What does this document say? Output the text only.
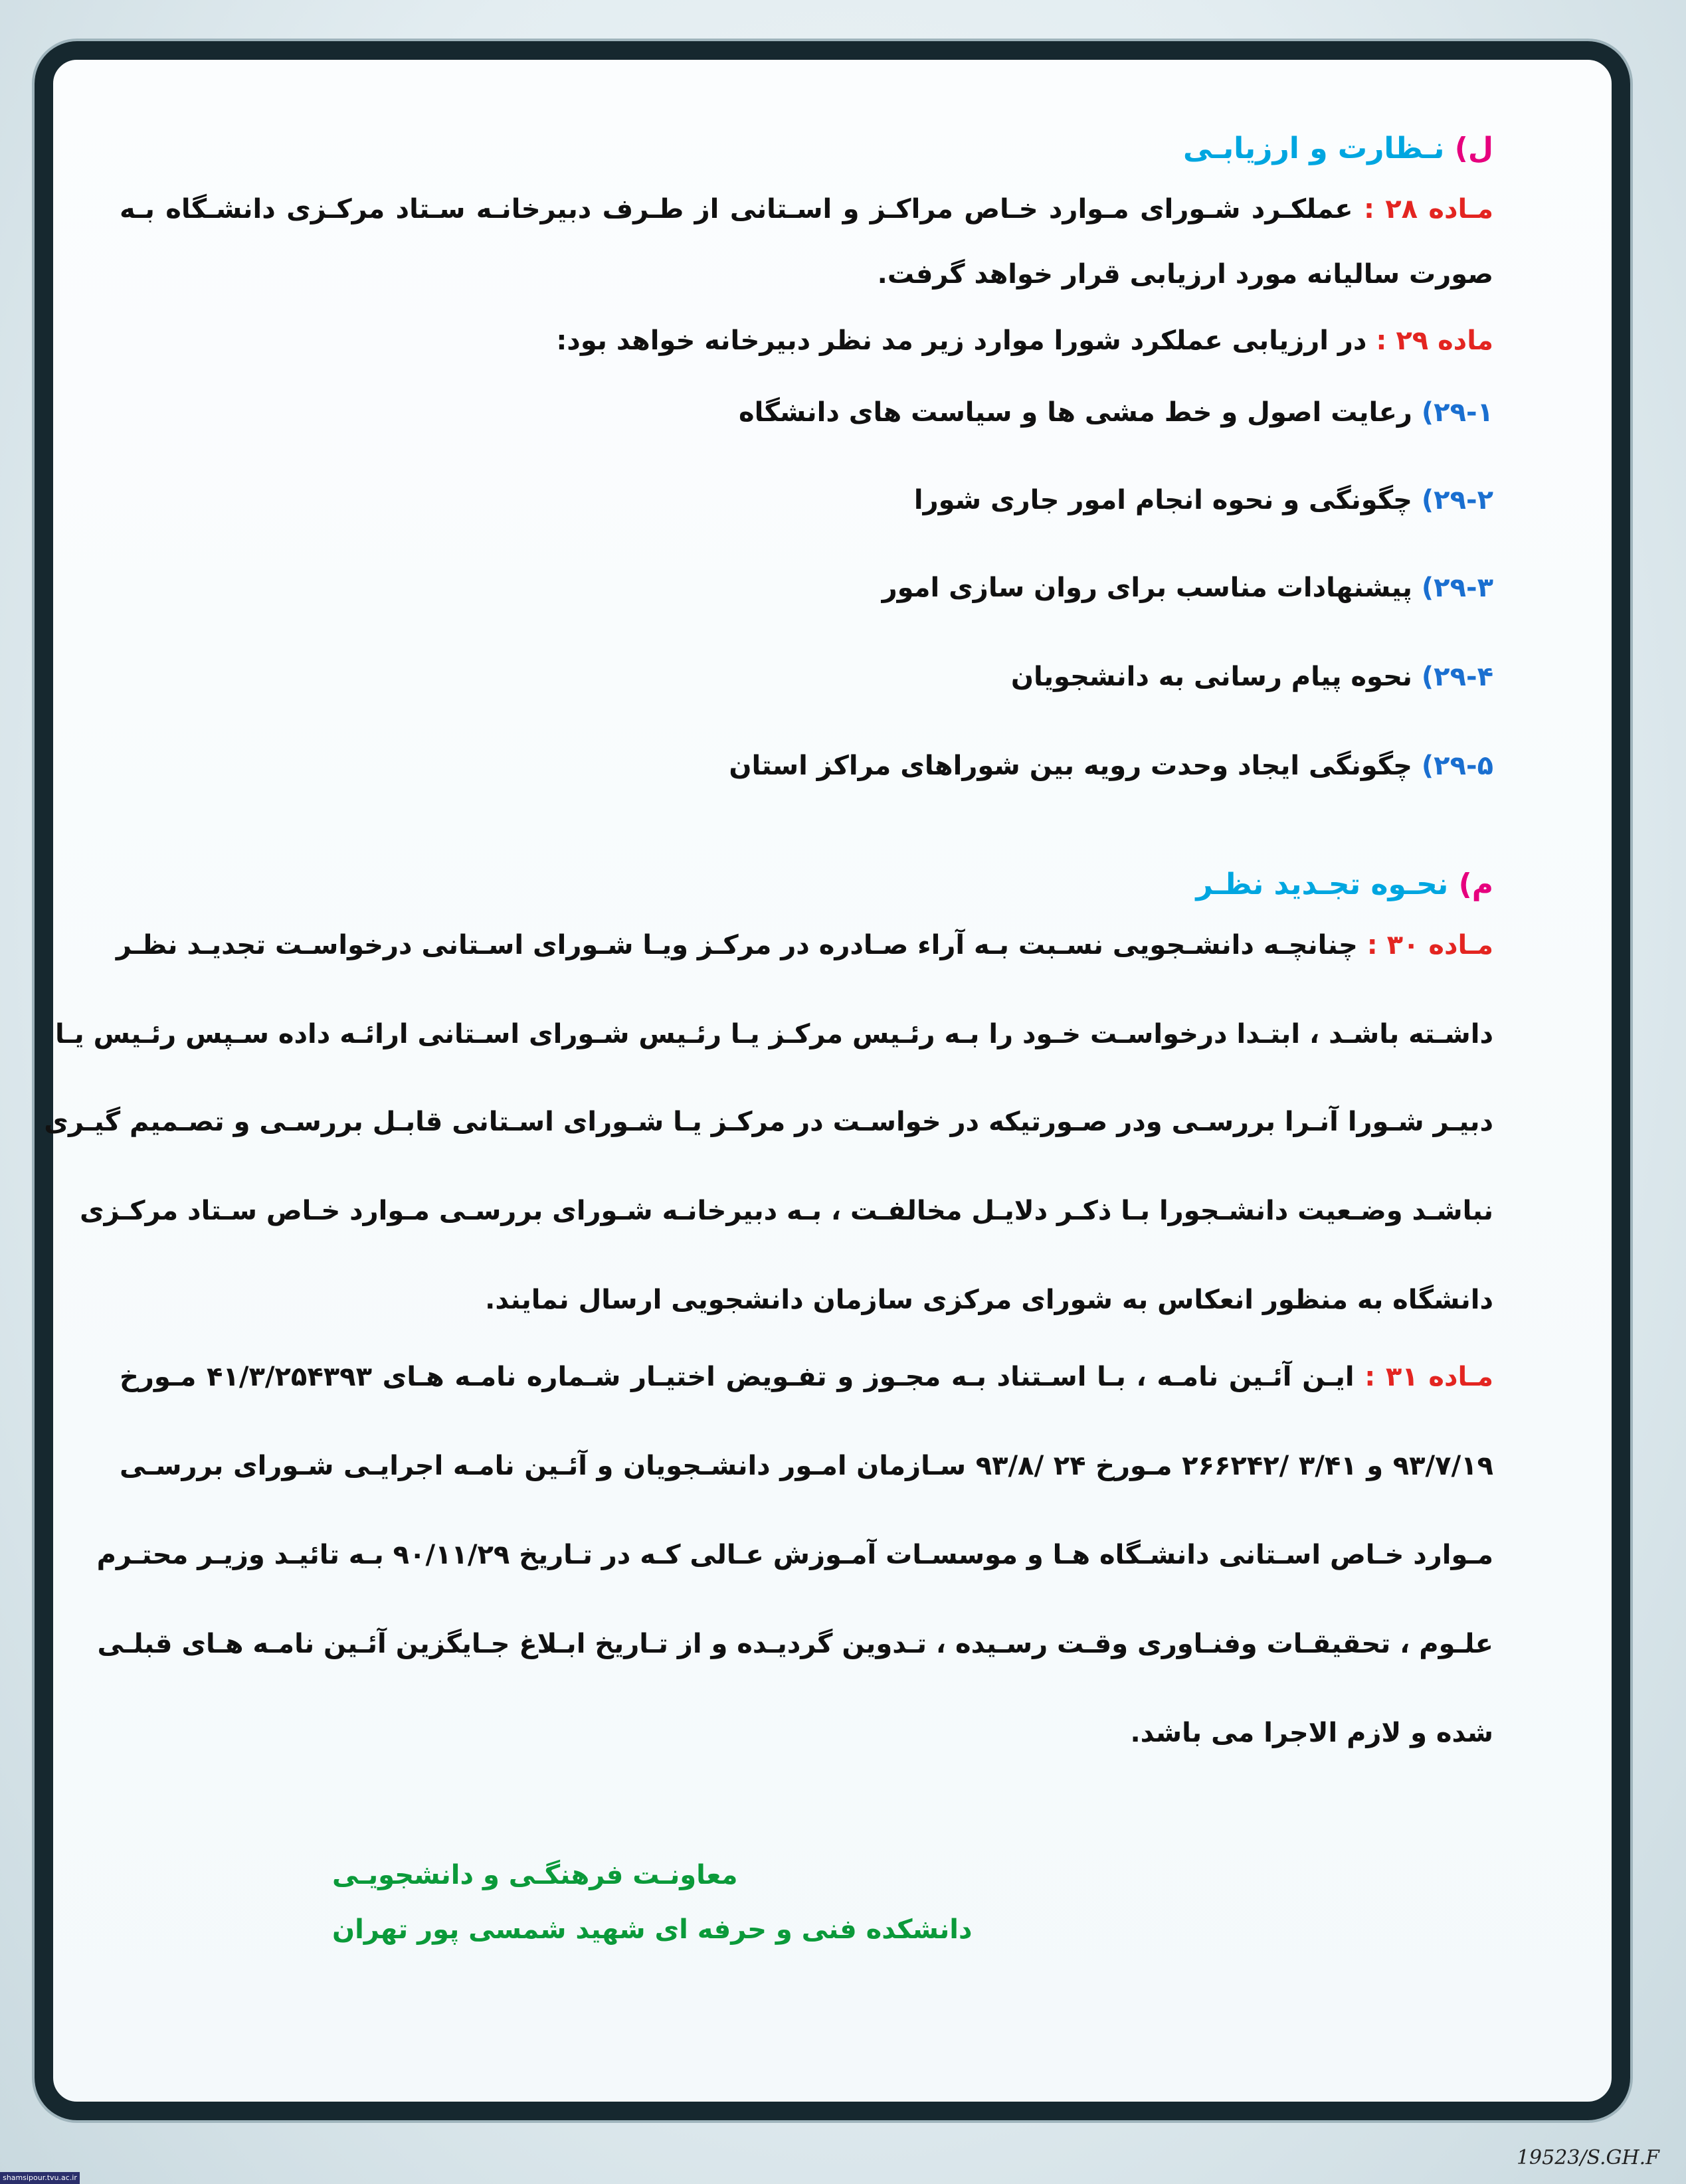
ل) نـظارت و ارزیابـی
مـاده ۲۸ : عملکـرد شـورای مـوارد خـاص مراکـز و اسـتانی از طـرف دبیرخانـه سـتاد مرکـزی دانشـگاه بـه
صورت سالیانه مورد ارزیابی قرار خواهد گرفت.
ماده ۲۹ : در ارزیابی عملکرد شورا موارد زیر مد نظر دبیرخانه خواهد بود:
۲۹-۱) رعایت اصول و خط مشی ها و سیاست های دانشگاه
۲۹-۲) چگونگی و نحوه انجام امور جاری شورا
۲۹-۳) پیشنهادات مناسب برای روان سازی امور
۲۹-۴) نحوه پیام رسانی به دانشجویان
۲۹-۵) چگونگی ایجاد وحدت رویه بین شوراهای مراکز استان
م) نحـوه تجـدید نظـر
مـاده ۳۰ : چنانچـه دانشـجویی نسـبت بـه آراء صـادره در مرکـز ویـا شـورای اسـتانی درخواسـت تجدیـد نظـر
داشـته باشـد ، ابتـدا درخواسـت خـود را بـه رئـیس مرکـز یـا رئـیس شـورای اسـتانی ارائـه داده سـپس رئـیس یـا
دبیـر شـورا آنـرا بررسـی ودر صـورتیکه در خواسـت در مرکـز یـا شـورای اسـتانی قابـل بررسـی و تصـمیم گیـری
نباشـد وضـعیت دانشـجورا بـا ذکـر دلایـل مخالفـت ، بـه دبیرخانـه شـورای بررسـی مـوارد خـاص سـتاد مرکـزی
دانشگاه به منظور انعکاس به شورای مرکزی سازمان دانشجویی ارسال نمایند.
مـاده ۳۱ : ایـن آئـین نامـه ، بـا اسـتناد بـه مجـوز و تفـویض اختیـار شـماره نامـه هـای ۴۱/۳/۲۵۴۳۹۳ مـورخ
۹۳/۷/۱۹ و ۳/۴۱ /۲۶۶۲۴۲ مـورخ ۲۴ /۹۳/۸ سـازمان امـور دانشـجویان و آئـین نامـه اجرایـی شـورای بررسـی
مـوارد خـاص اسـتانی دانشـگاه هـا و موسسـات آمـوزش عـالی کـه در تـاریخ ۹۰/۱۱/۲۹ بـه تائیـد وزیـر محتـرم
علـوم ، تحقیقـات وفنـاوری وقـت رسـیده ، تـدوین گردیـده و از تـاریخ ابـلاغ جـایگزین آئـین نامـه هـای قبلـی
شده و لازم الاجرا می باشد.
معاونـت فرهنگـی و دانشجویـی
دانشکده فنی و حرفه ای شهید شمسی پور تهران
19523/S.GH.F
shamsipour.tvu.ac.ir
